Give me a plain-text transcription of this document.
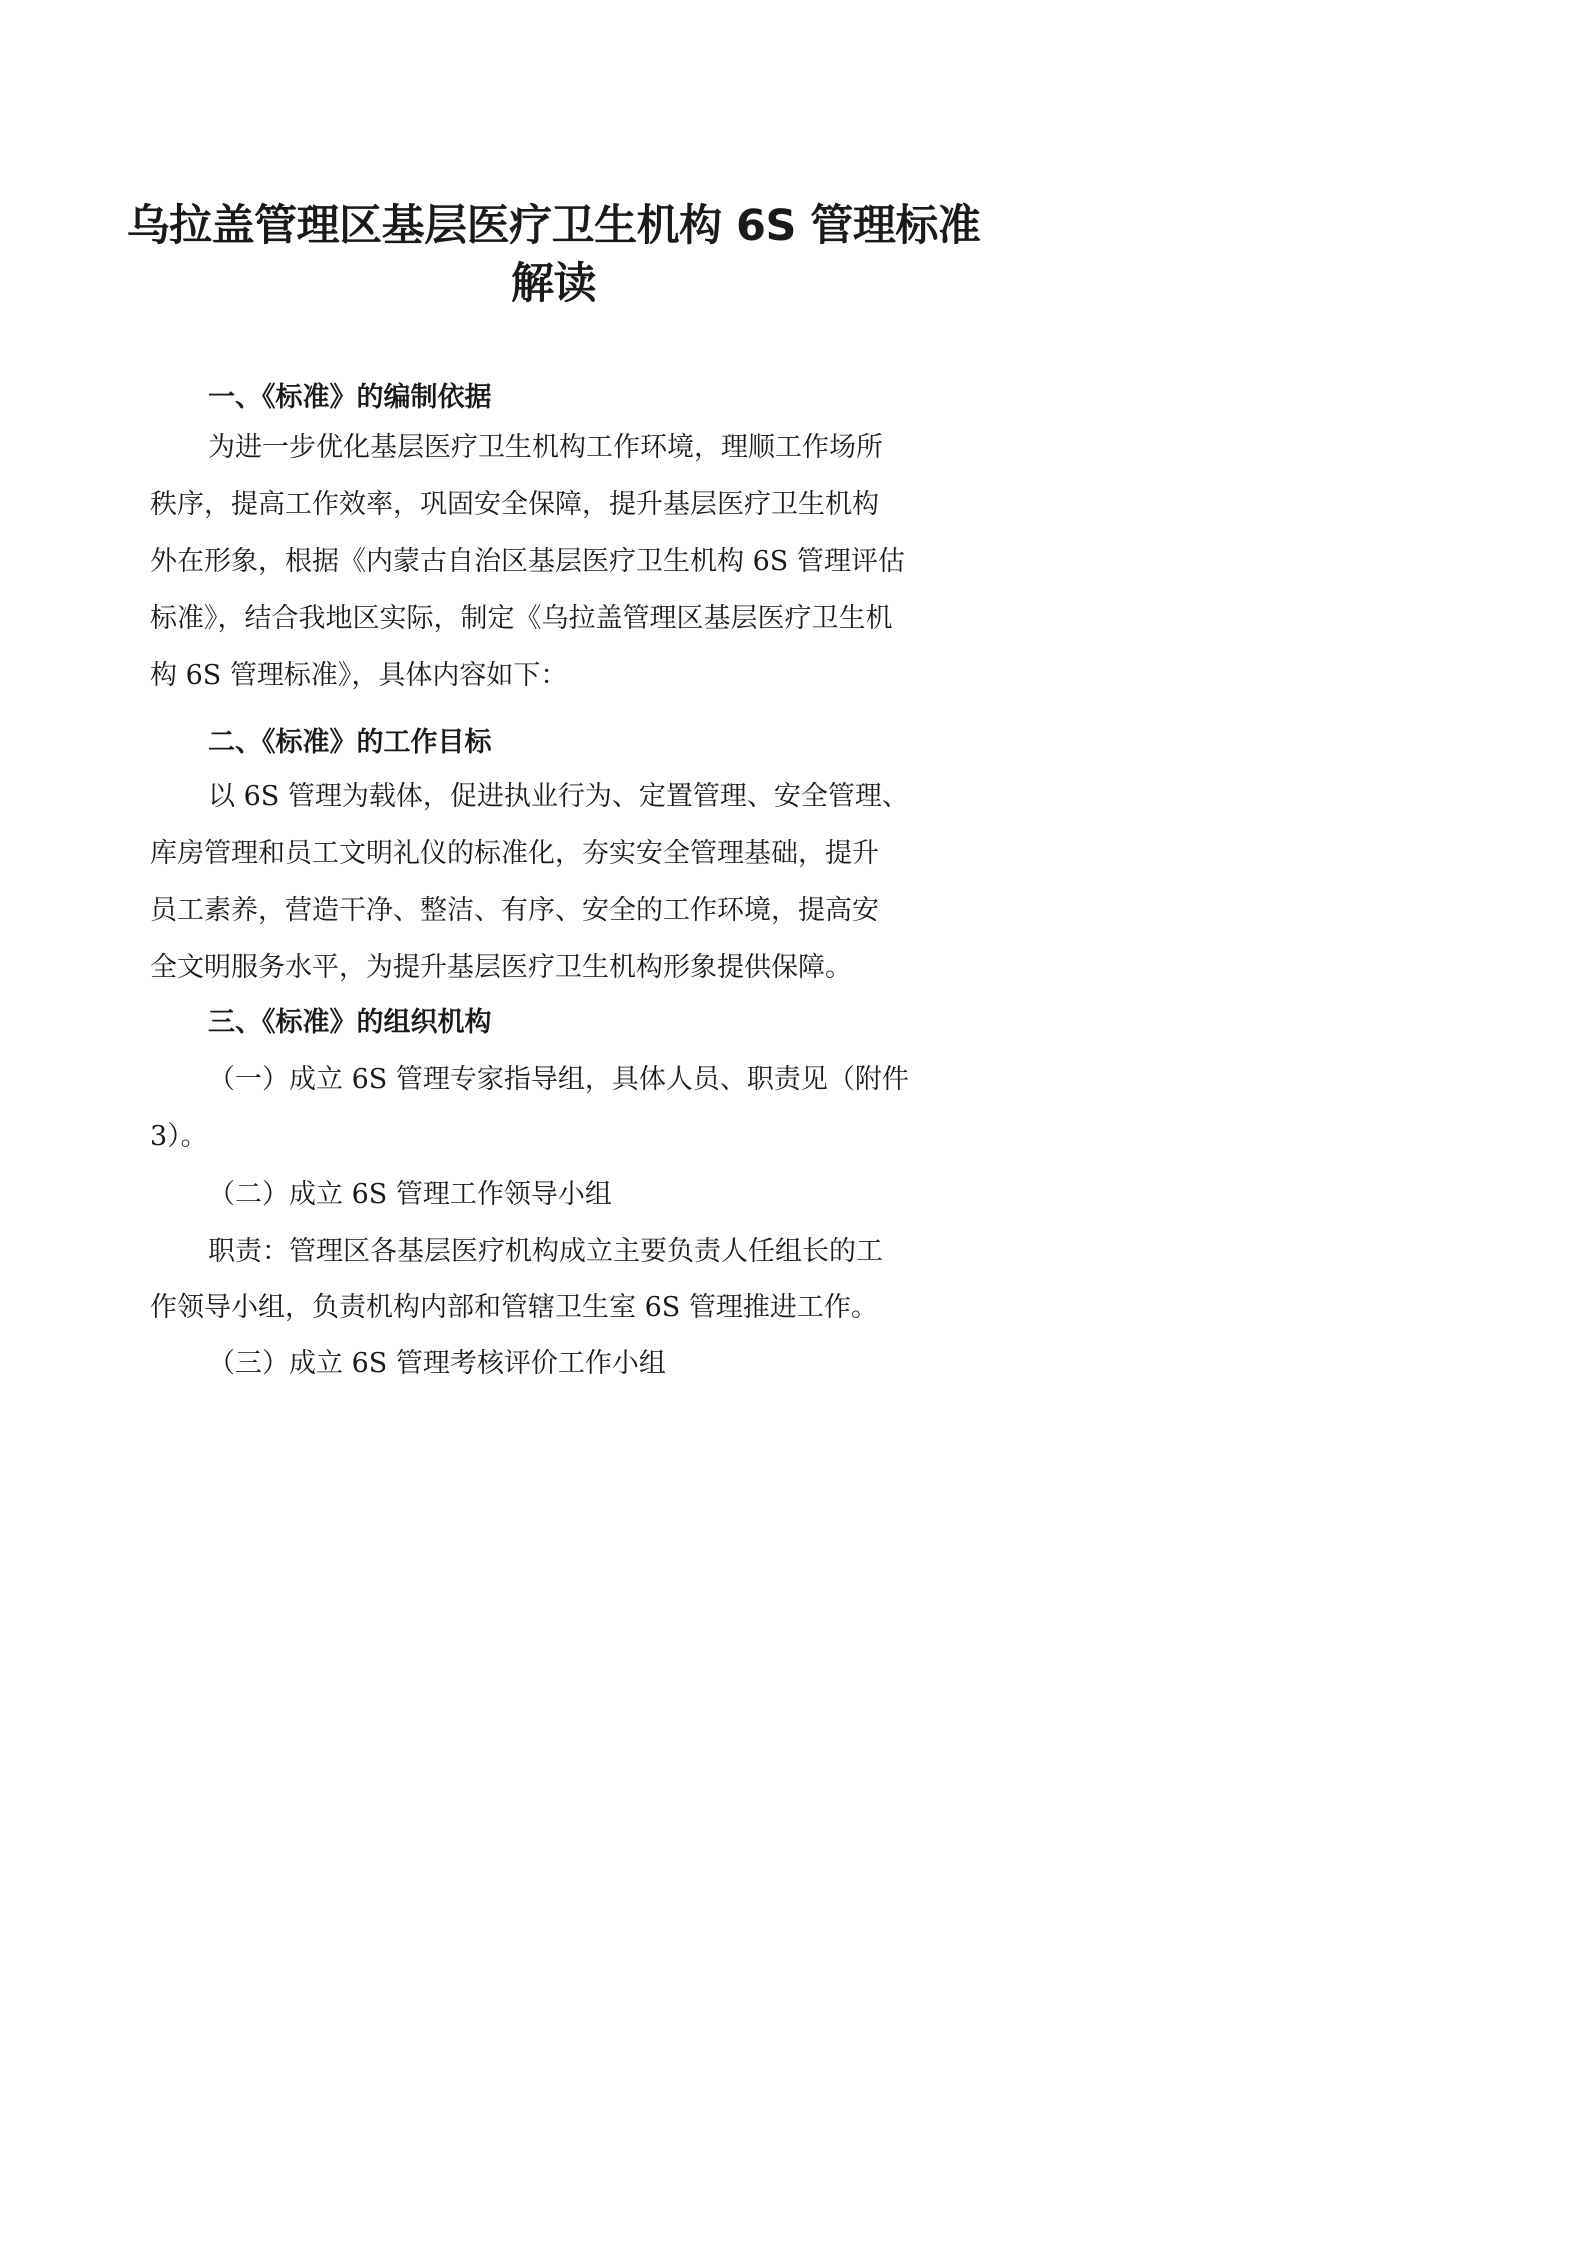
乌拉盖管理区基层医疗卫生机构 6S 管理标准
解读
一、《标准》的编制依据

为进一步优化基层医疗卫生机构工作环境，理顺工作场所

秩序，提高工作效率，巩固安全保障，提升基层医疗卫生机构

外在形象，根据《内蒙古自治区基层医疗卫生机构 6S 管理评估

标准》，结合我地区实际，制定《乌拉盖管理区基层医疗卫生机

构 6S 管理标准》，具体内容如下：

二、《标准》的工作目标

以 6S 管理为载体，促进执业行为、定置管理、安全管理、

库房管理和员工文明礼仪的标准化，夯实安全管理基础，提升

员工素养，营造干净、整洁、有序、安全的工作环境，提高安

全文明服务水平，为提升基层医疗卫生机构形象提供保障。

三、《标准》的组织机构

（一）成立 6S 管理专家指导组，具体人员、职责见（附件

3）。

（二）成立 6S 管理工作领导小组

职责：管理区各基层医疗机构成立主要负责人任组长的工

作领导小组，负责机构内部和管辖卫生室 6S 管理推进工作。

（三）成立 6S 管理考核评价工作小组
